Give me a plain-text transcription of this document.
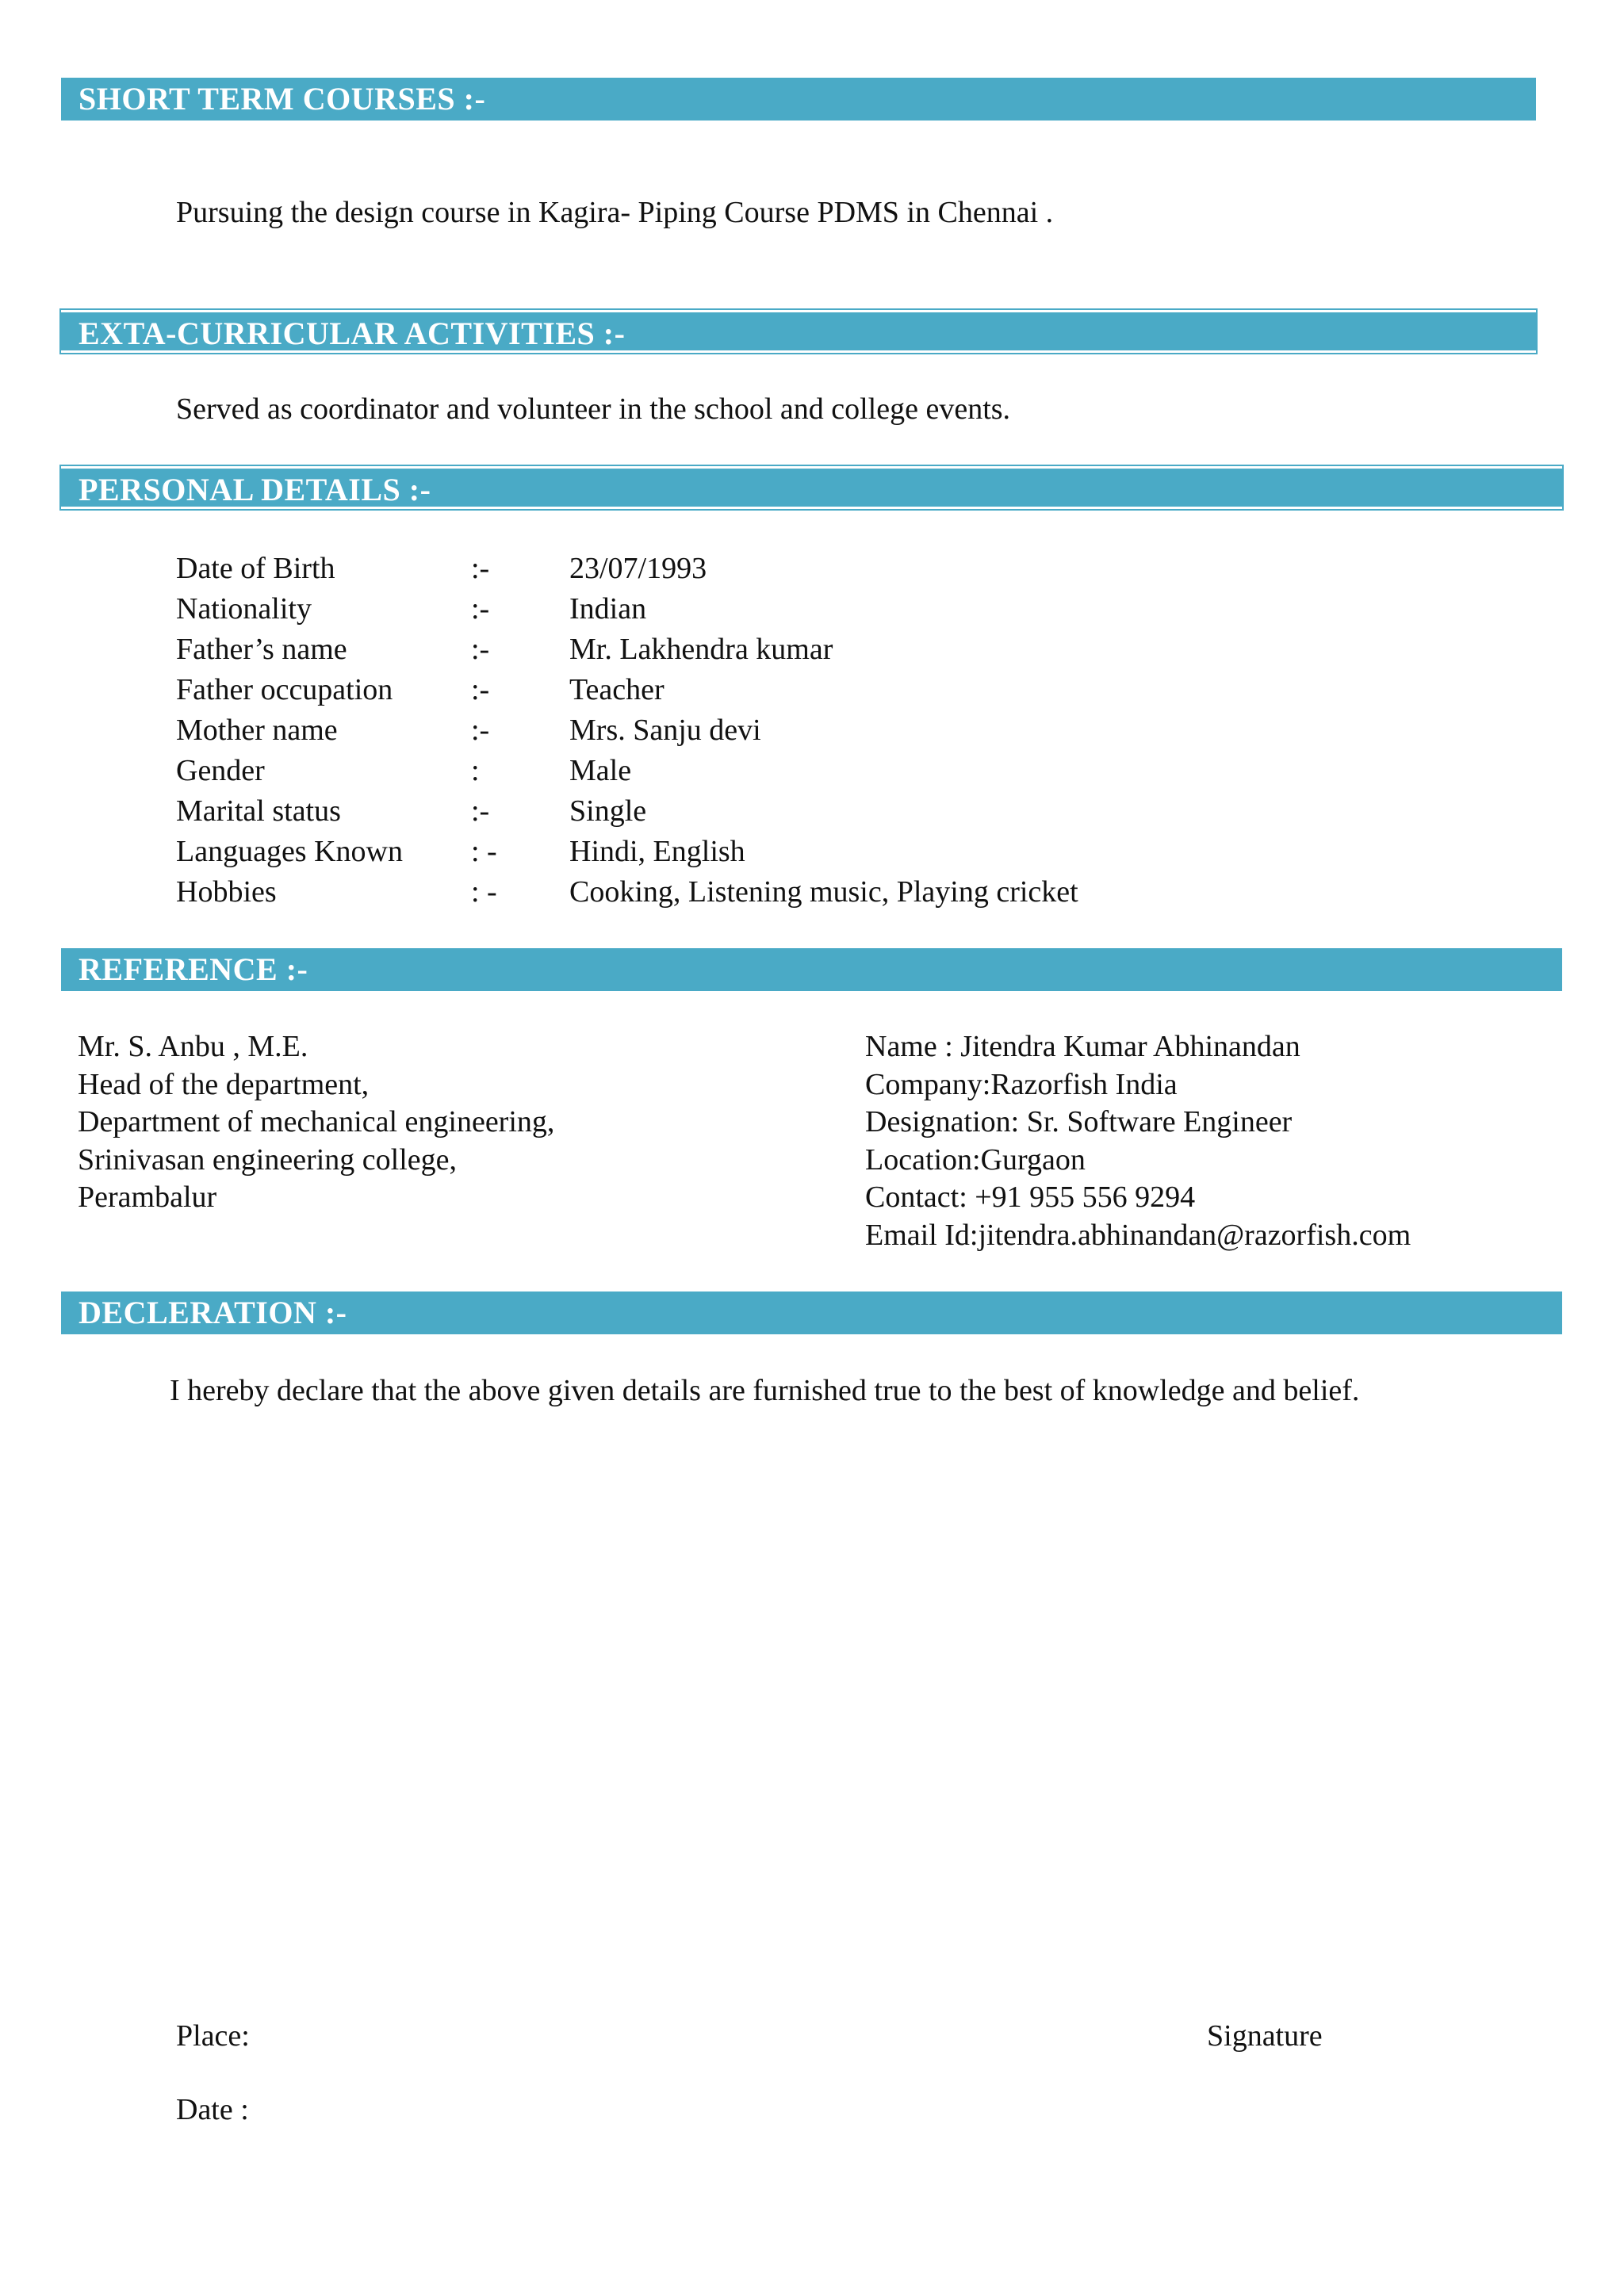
SHORT TERM COURSES :-
Pursuing the design course in Kagira- Piping Course PDMS in Chennai .
EXTA-CURRICULAR ACTIVITIES :-
Served as coordinator and volunteer in the school and college events.
PERSONAL DETAILS :-
Date of Birth	:-	23/07/1993
Nationality	:-	Indian
Father’s name	:-	Mr. Lakhendra kumar
Father occupation	:-	Teacher
Mother name	:-	Mrs. Sanju devi
Gender	:	Male
Marital status	:-	Single
Languages Known : - Hindi, English
Hobbies	: - Cooking, Listening music, Playing cricket
REFERENCE :-
Mr. S. Anbu , M.E.
Head of the department,
Department of mechanical engineering,
Srinivasan engineering college,
Perambalur
Name : Jitendra Kumar Abhinandan
Company:Razorfish India
Designation: Sr. Software Engineer
Location:Gurgaon
Contact: +91 955 556 9294
Email Id:jitendra.abhinandan@razorfish.com
DECLERATION :-
I hereby declare that the above given details are furnished true to the best of knowledge and belief.
Place:	Signature
Date :
